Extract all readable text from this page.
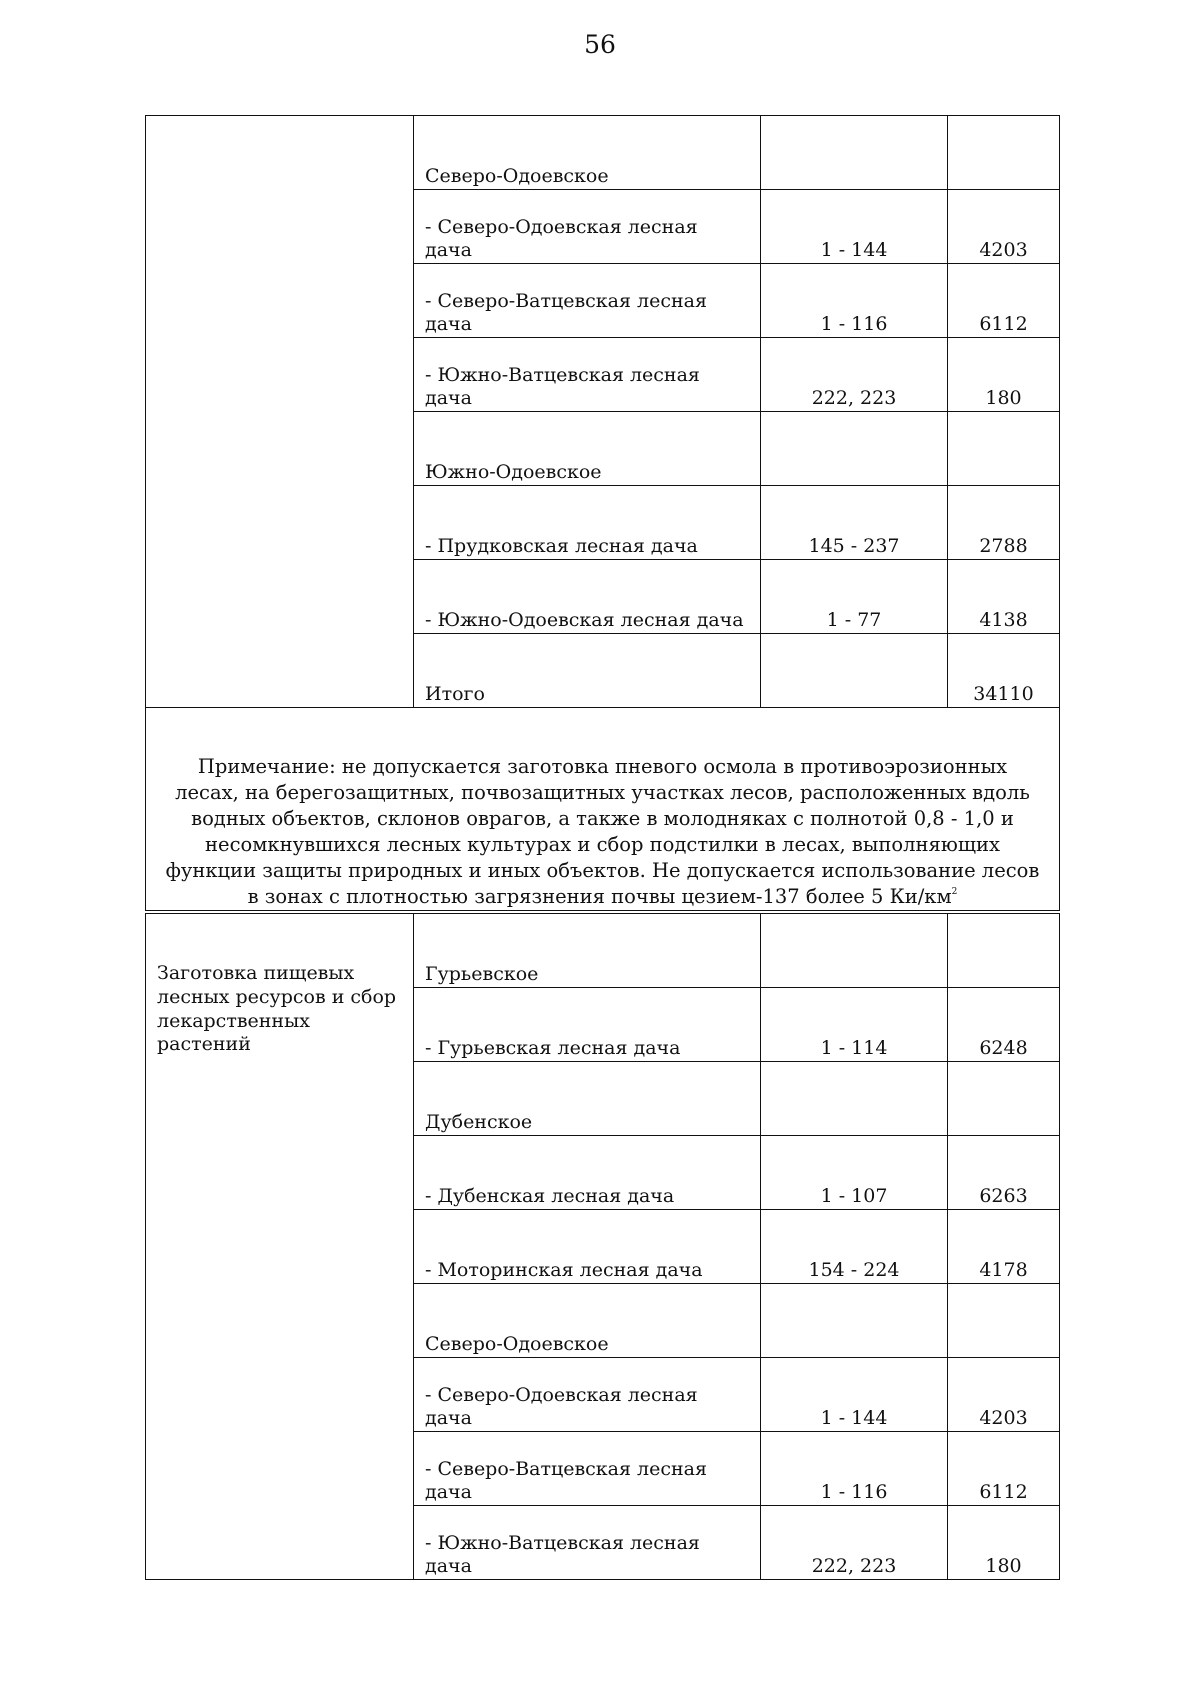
56
	Северо-Одоевское		
	- Северо-Одоевская лесная дача	1 - 144	4203
	- Северо-Ватцевская лесная дача	1 - 116	6112
	- Южно-Ватцевская лесная дача	222, 223	180
	Южно-Одоевское		
	- Прудковская лесная дача	145 - 237	2788
	- Южно-Одоевская лесная дача	1 - 77	4138
	Итого		34110
Примечание: не допускается заготовка пневого осмола в противоэрозионных лесах, на берегозащитных, почвозащитных участках лесов, расположенных вдоль водных объектов, склонов оврагов, а также в молодняках с полнотой 0,8 - 1,0 и несомкнувшихся лесных культурах и сбор подстилки в лесах, выполняющих функции защиты природных и иных объектов. Не допускается использование лесов в зонах с плотностью загрязнения почвы цезием-137 более 5 $Ки/км^2$
Заготовка пищевых лесных ресурсов и сбор лекарственных растений	Гурьевское		
	- Гурьевская лесная дача	1 - 114	6248
	Дубенское		
	- Дубенская лесная дача	1 - 107	6263
	- Моторинская лесная дача	154 - 224	4178
	Северо-Одоевское		
	- Северо-Одоевская лесная дача	1 - 144	4203
	- Северо-Ватцевская лесная дача	1 - 116	6112
	- Южно-Ватцевская лесная дача	222, 223	180
